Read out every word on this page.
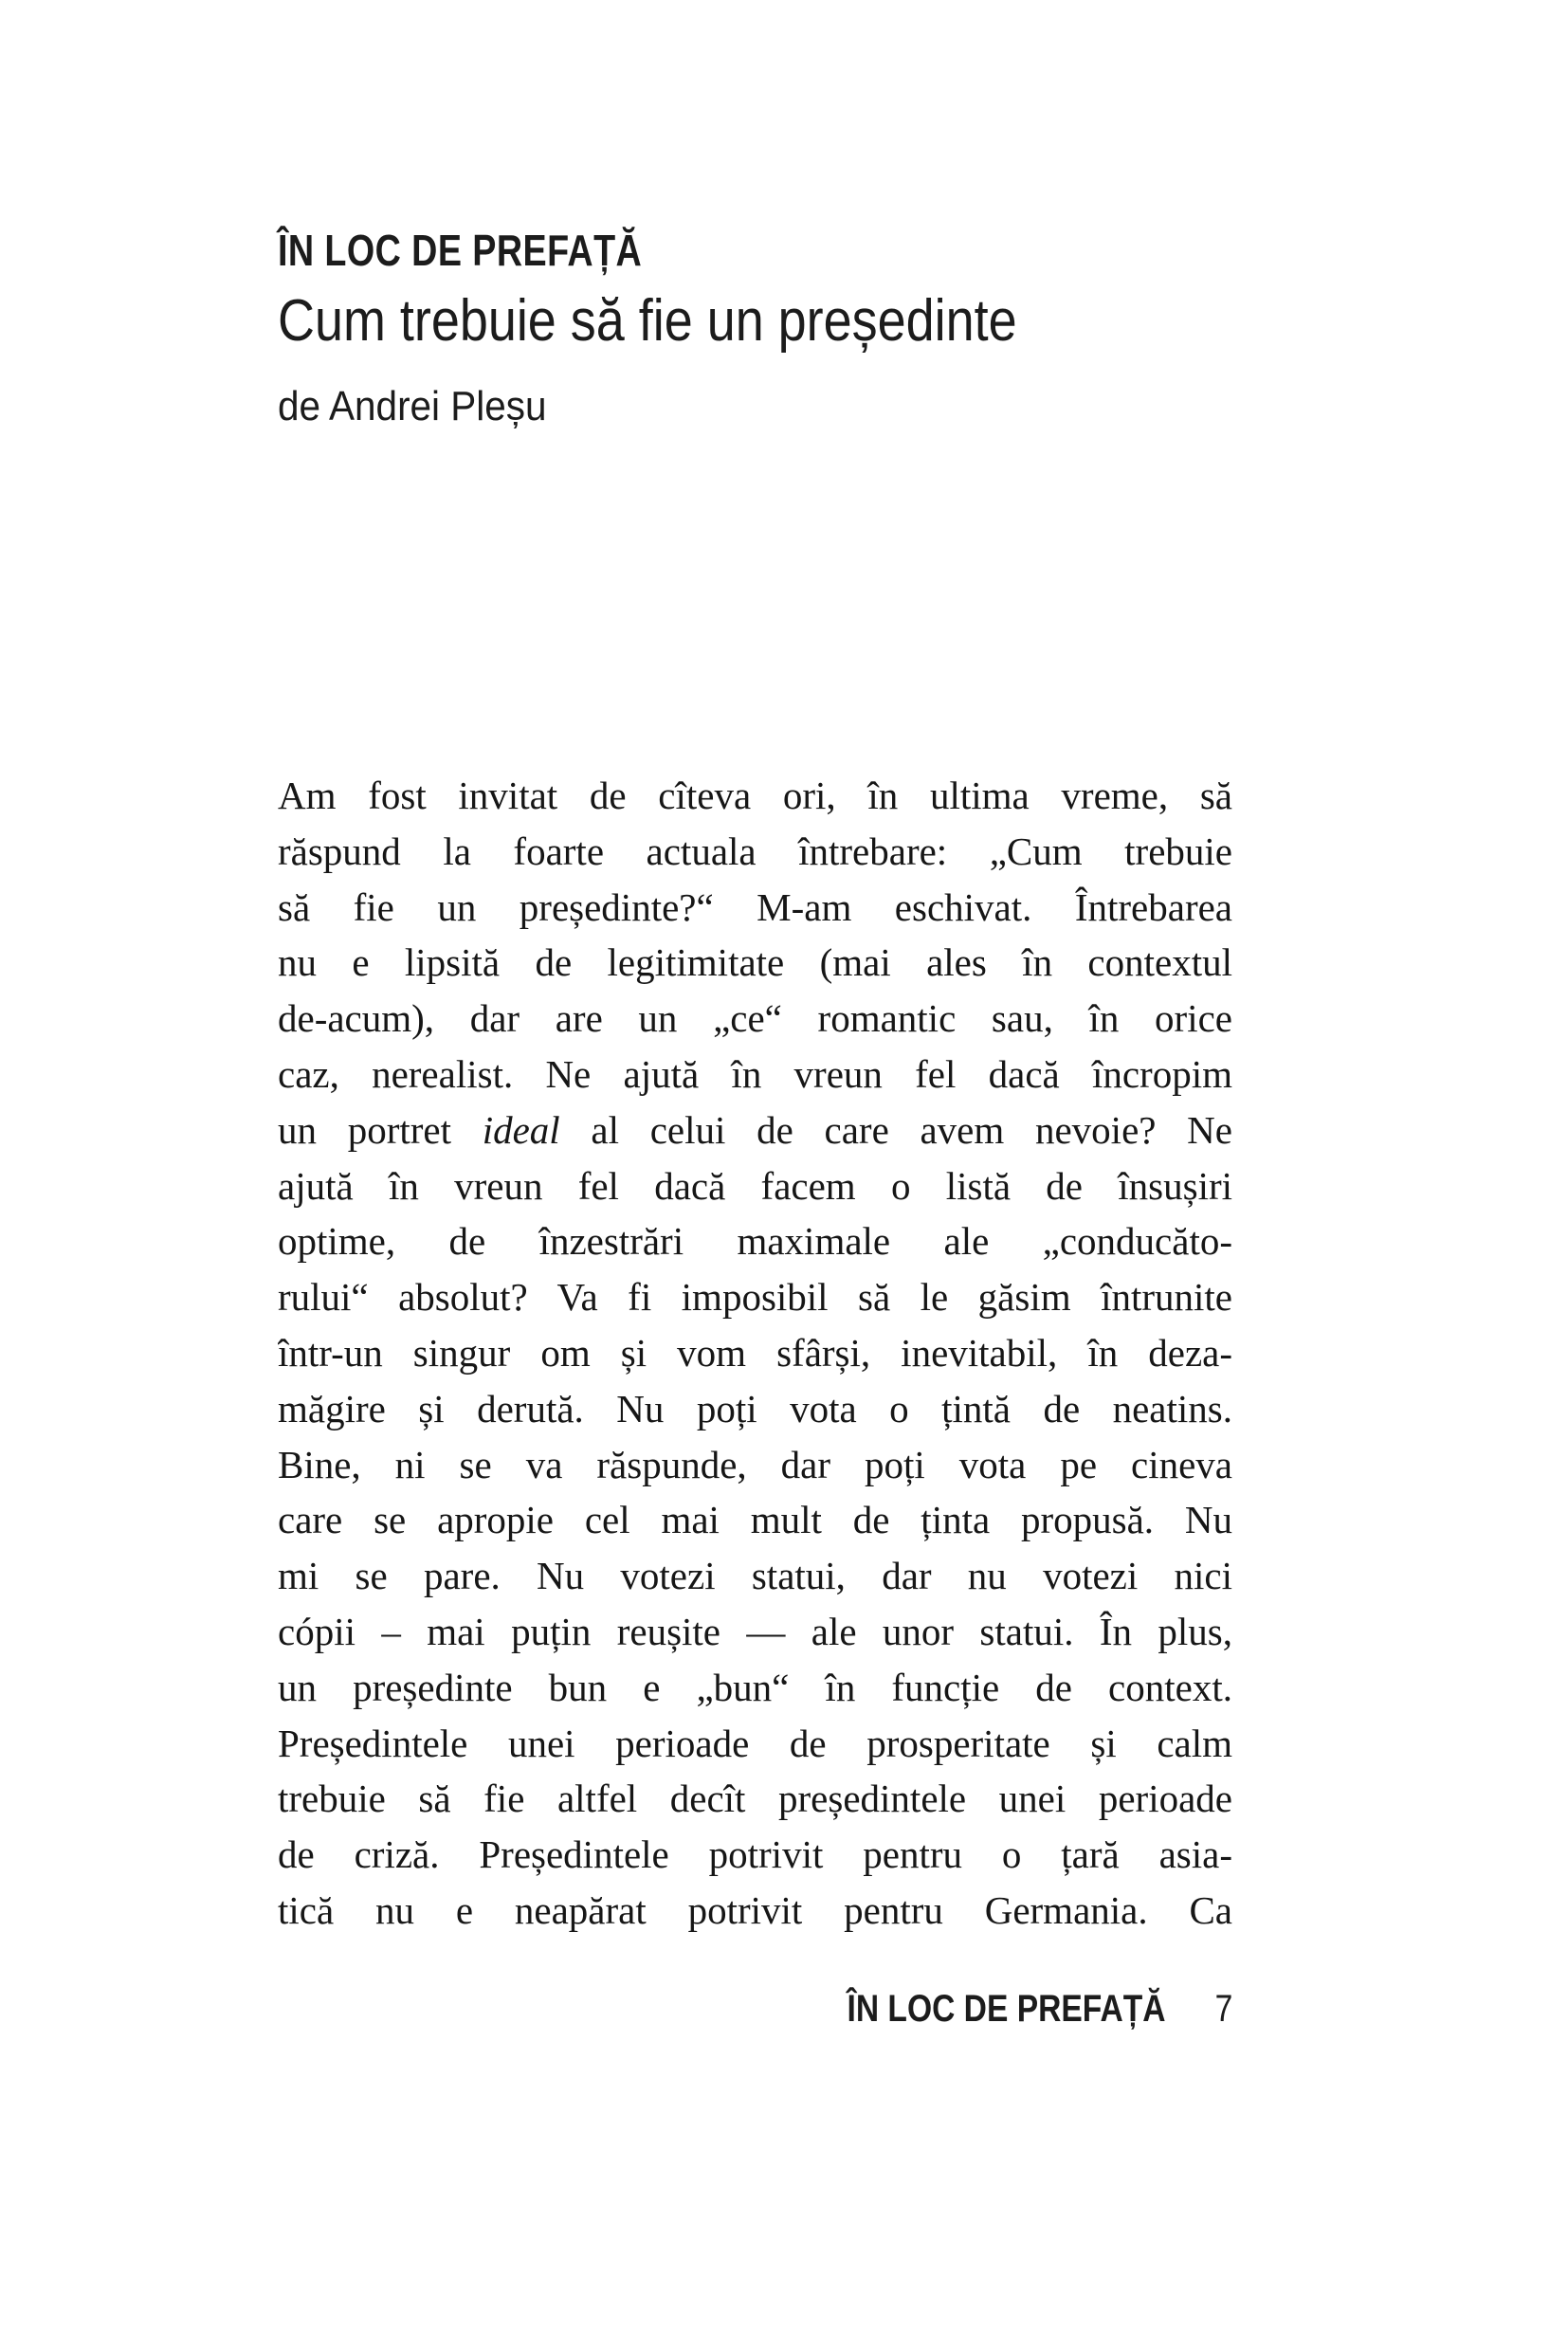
ÎN LOC DE PREFAȚĂ
Cum trebuie să fie un președinte
de Andrei Pleșu
Am fost invitat de cîteva ori, în ultima vreme, să
răspund la foarte actuala întrebare: „Cum trebuie
să fie un președinte?“ M-am eschivat. Întrebarea
nu e lipsită de legitimitate (mai ales în contextul
de-acum), dar are un „ce“ romantic sau, în orice
caz, nerealist. Ne ajută în vreun fel dacă încropim
un portret ideal al celui de care avem nevoie? Ne
ajută în vreun fel dacă facem o listă de însușiri
optime, de înzestrări maximale ale „conducăto-
rului“ absolut? Va fi imposibil să le găsim întrunite
într-un singur om și vom sfârși, inevitabil, în deza-
măgire și derută. Nu poți vota o țintă de neatins.
Bine, ni se va răspunde, dar poți vota pe cineva
care se apropie cel mai mult de ținta propusă. Nu
mi se pare. Nu votezi statui, dar nu votezi nici
cópii – mai puțin reușite — ale unor statui. În plus,
un președinte bun e „bun“ în funcție de context.
Președintele unei perioade de prosperitate și calm
trebuie să fie altfel decît președintele unei perioade
de criză. Președintele potrivit pentru o țară asia-
tică nu e neapărat potrivit pentru Germania. Ca
ÎN LOC DE PREFAȚĂ 7
